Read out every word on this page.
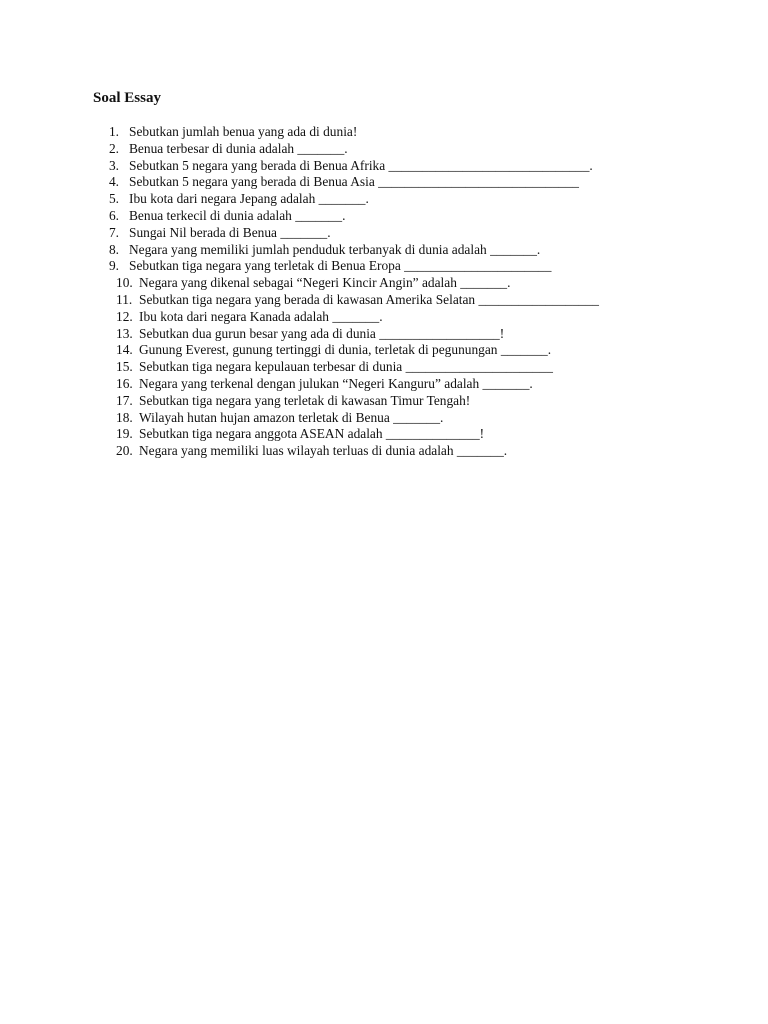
Soal Essay
1. Sebutkan jumlah benua yang ada di dunia!
2. Benua terbesar di dunia adalah _______.
3. Sebutkan 5 negara yang berada di Benua Afrika ______________________________.
4. Sebutkan 5 negara yang berada di Benua Asia ______________________________
5. Ibu kota dari negara Jepang adalah _______.
6. Benua terkecil di dunia adalah _______.
7. Sungai Nil berada di Benua _______.
8. Negara yang memiliki jumlah penduduk terbanyak di dunia adalah _______.
9. Sebutkan tiga negara yang terletak di Benua Eropa ______________________
10. Negara yang dikenal sebagai “Negeri Kincir Angin” adalah _______.
11. Sebutkan tiga negara yang berada di kawasan Amerika Selatan __________________
12. Ibu kota dari negara Kanada adalah _______.
13. Sebutkan dua gurun besar yang ada di dunia __________________!
14. Gunung Everest, gunung tertinggi di dunia, terletak di pegunungan _______.
15. Sebutkan tiga negara kepulauan terbesar di dunia ______________________
16. Negara yang terkenal dengan julukan “Negeri Kanguru” adalah _______.
17. Sebutkan tiga negara yang terletak di kawasan Timur Tengah!
18. Wilayah hutan hujan amazon terletak di Benua _______.
19. Sebutkan tiga negara anggota ASEAN adalah ______________!
20. Negara yang memiliki luas wilayah terluas di dunia adalah _______.
